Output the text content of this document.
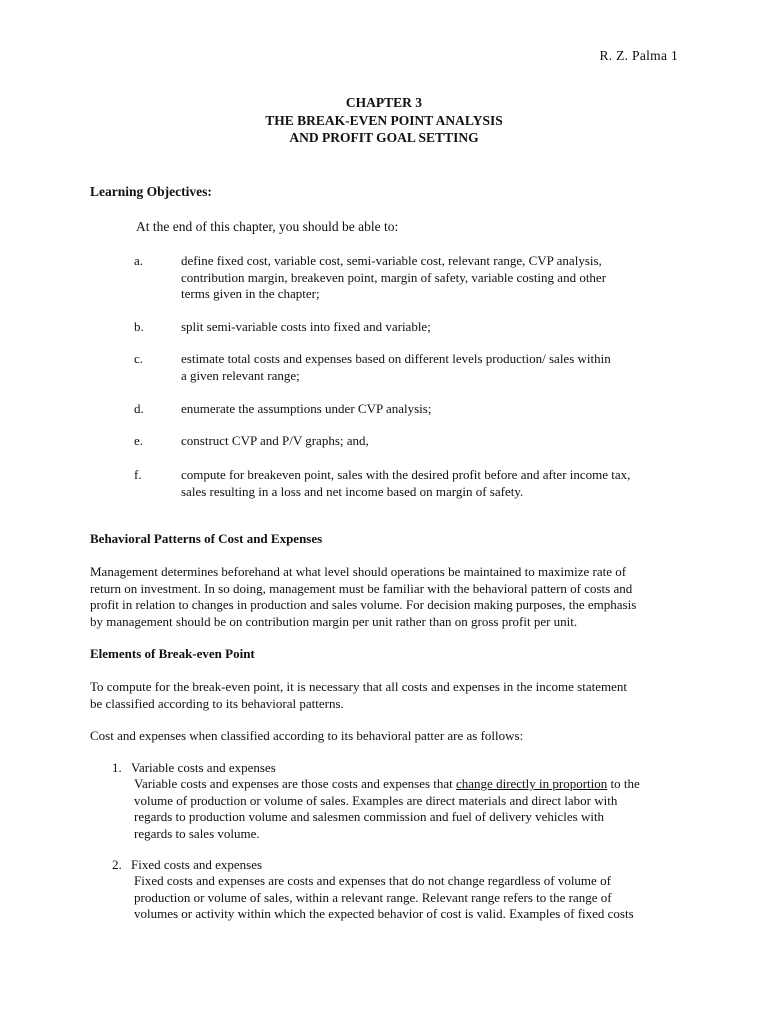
R. Z. Palma 1
CHAPTER 3
THE BREAK-EVEN POINT ANALYSIS
AND PROFIT GOAL SETTING
Learning Objectives:
At the end of this chapter, you should be able to:
a.	define fixed cost, variable cost, semi-variable cost, relevant range, CVP analysis,
contribution margin, breakeven point, margin of safety, variable costing and other
terms given in the chapter;
b.	split semi-variable costs into fixed and variable;
c.	estimate total costs and expenses based on different levels production/ sales within
a given relevant range;
d.	enumerate the assumptions under CVP analysis;
e.	construct CVP and P/V graphs; and,
f.	compute for breakeven point, sales with the desired profit before and after income tax,
sales resulting in a loss and net income based on margin of safety.
Behavioral Patterns of Cost and Expenses
Management determines beforehand at what level should operations be maintained to maximize rate of
return on investment. In so doing, management must be familiar with the behavioral pattern of costs and
profit in relation to changes in production and sales volume. For decision making purposes, the emphasis
by management should be on contribution margin per unit rather than on gross profit per unit.
Elements of Break-even Point
To compute for the break-even point, it is necessary that all costs and expenses in the income statement
be classified according to its behavioral patterns.
Cost and expenses when classified according to its behavioral patter are as follows:
1. Variable costs and expenses
Variable costs and expenses are those costs and expenses that change directly in proportion to the
volume of production or volume of sales. Examples are direct materials and direct labor with
regards to production volume and salesmen commission and fuel of delivery vehicles with
regards to sales volume.
2. Fixed costs and expenses
Fixed costs and expenses are costs and expenses that do not change regardless of volume of
production or volume of sales, within a relevant range. Relevant range refers to the range of
volumes or activity within which the expected behavior of cost is valid. Examples of fixed costs
